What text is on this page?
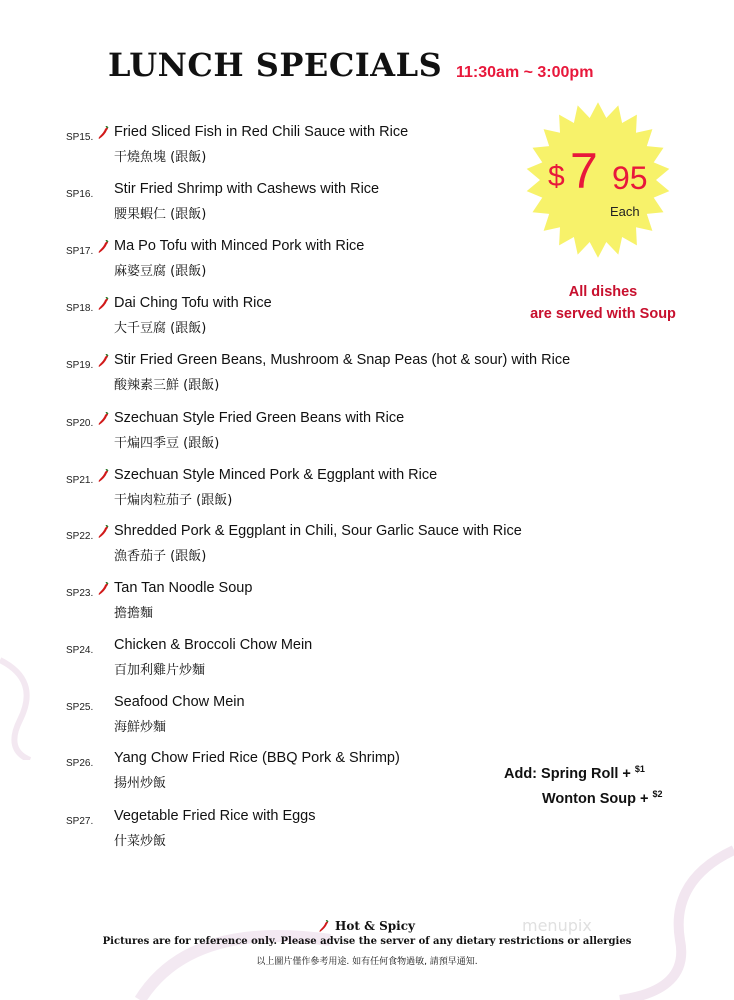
LUNCH SPECIALS 11:30am ~ 3:00pm
$ 7 95
Each
All dishes
are served with Soup
Add: Spring Roll + $^{\$1}$
Wonton Soup + $^{\$2}$
SP15. Fried Sliced Fish in Red Chili Sauce with Rice
干燒魚塊 (跟飯)
SP16. Stir Fried Shrimp with Cashews with Rice
腰果蝦仁 (跟飯)
SP17. Ma Po Tofu with Minced Pork with Rice
麻婆豆腐 (跟飯)
SP18. Dai Ching Tofu with Rice
大千豆腐 (跟飯)
SP19. Stir Fried Green Beans, Mushroom & Snap Peas (hot & sour) with Rice
酸辣素三鮮 (跟飯)
SP20. Szechuan Style Fried Green Beans with Rice
干煸四季豆 (跟飯)
SP21. Szechuan Style Minced Pork & Eggplant with Rice
干煸肉粒茄子 (跟飯)
SP22. Shredded Pork & Eggplant in Chili, Sour Garlic Sauce with Rice
漁香茄子 (跟飯)
SP23. Tan Tan Noodle Soup
擔擔麵
SP24. Chicken & Broccoli Chow Mein
百加利雞片炒麵
SP25. Seafood Chow Mein
海鮮炒麵
SP26. Yang Chow Fried Rice (BBQ Pork & Shrimp)
揚州炒飯
SP27. Vegetable Fried Rice with Eggs
什菜炒飯
menupix
Hot & Spicy
Pictures are for reference only. Please advise the server of any dietary restrictions or allergies
以上圖片僅作參考用途. 如有任何食物過敏, 請預早通知.
